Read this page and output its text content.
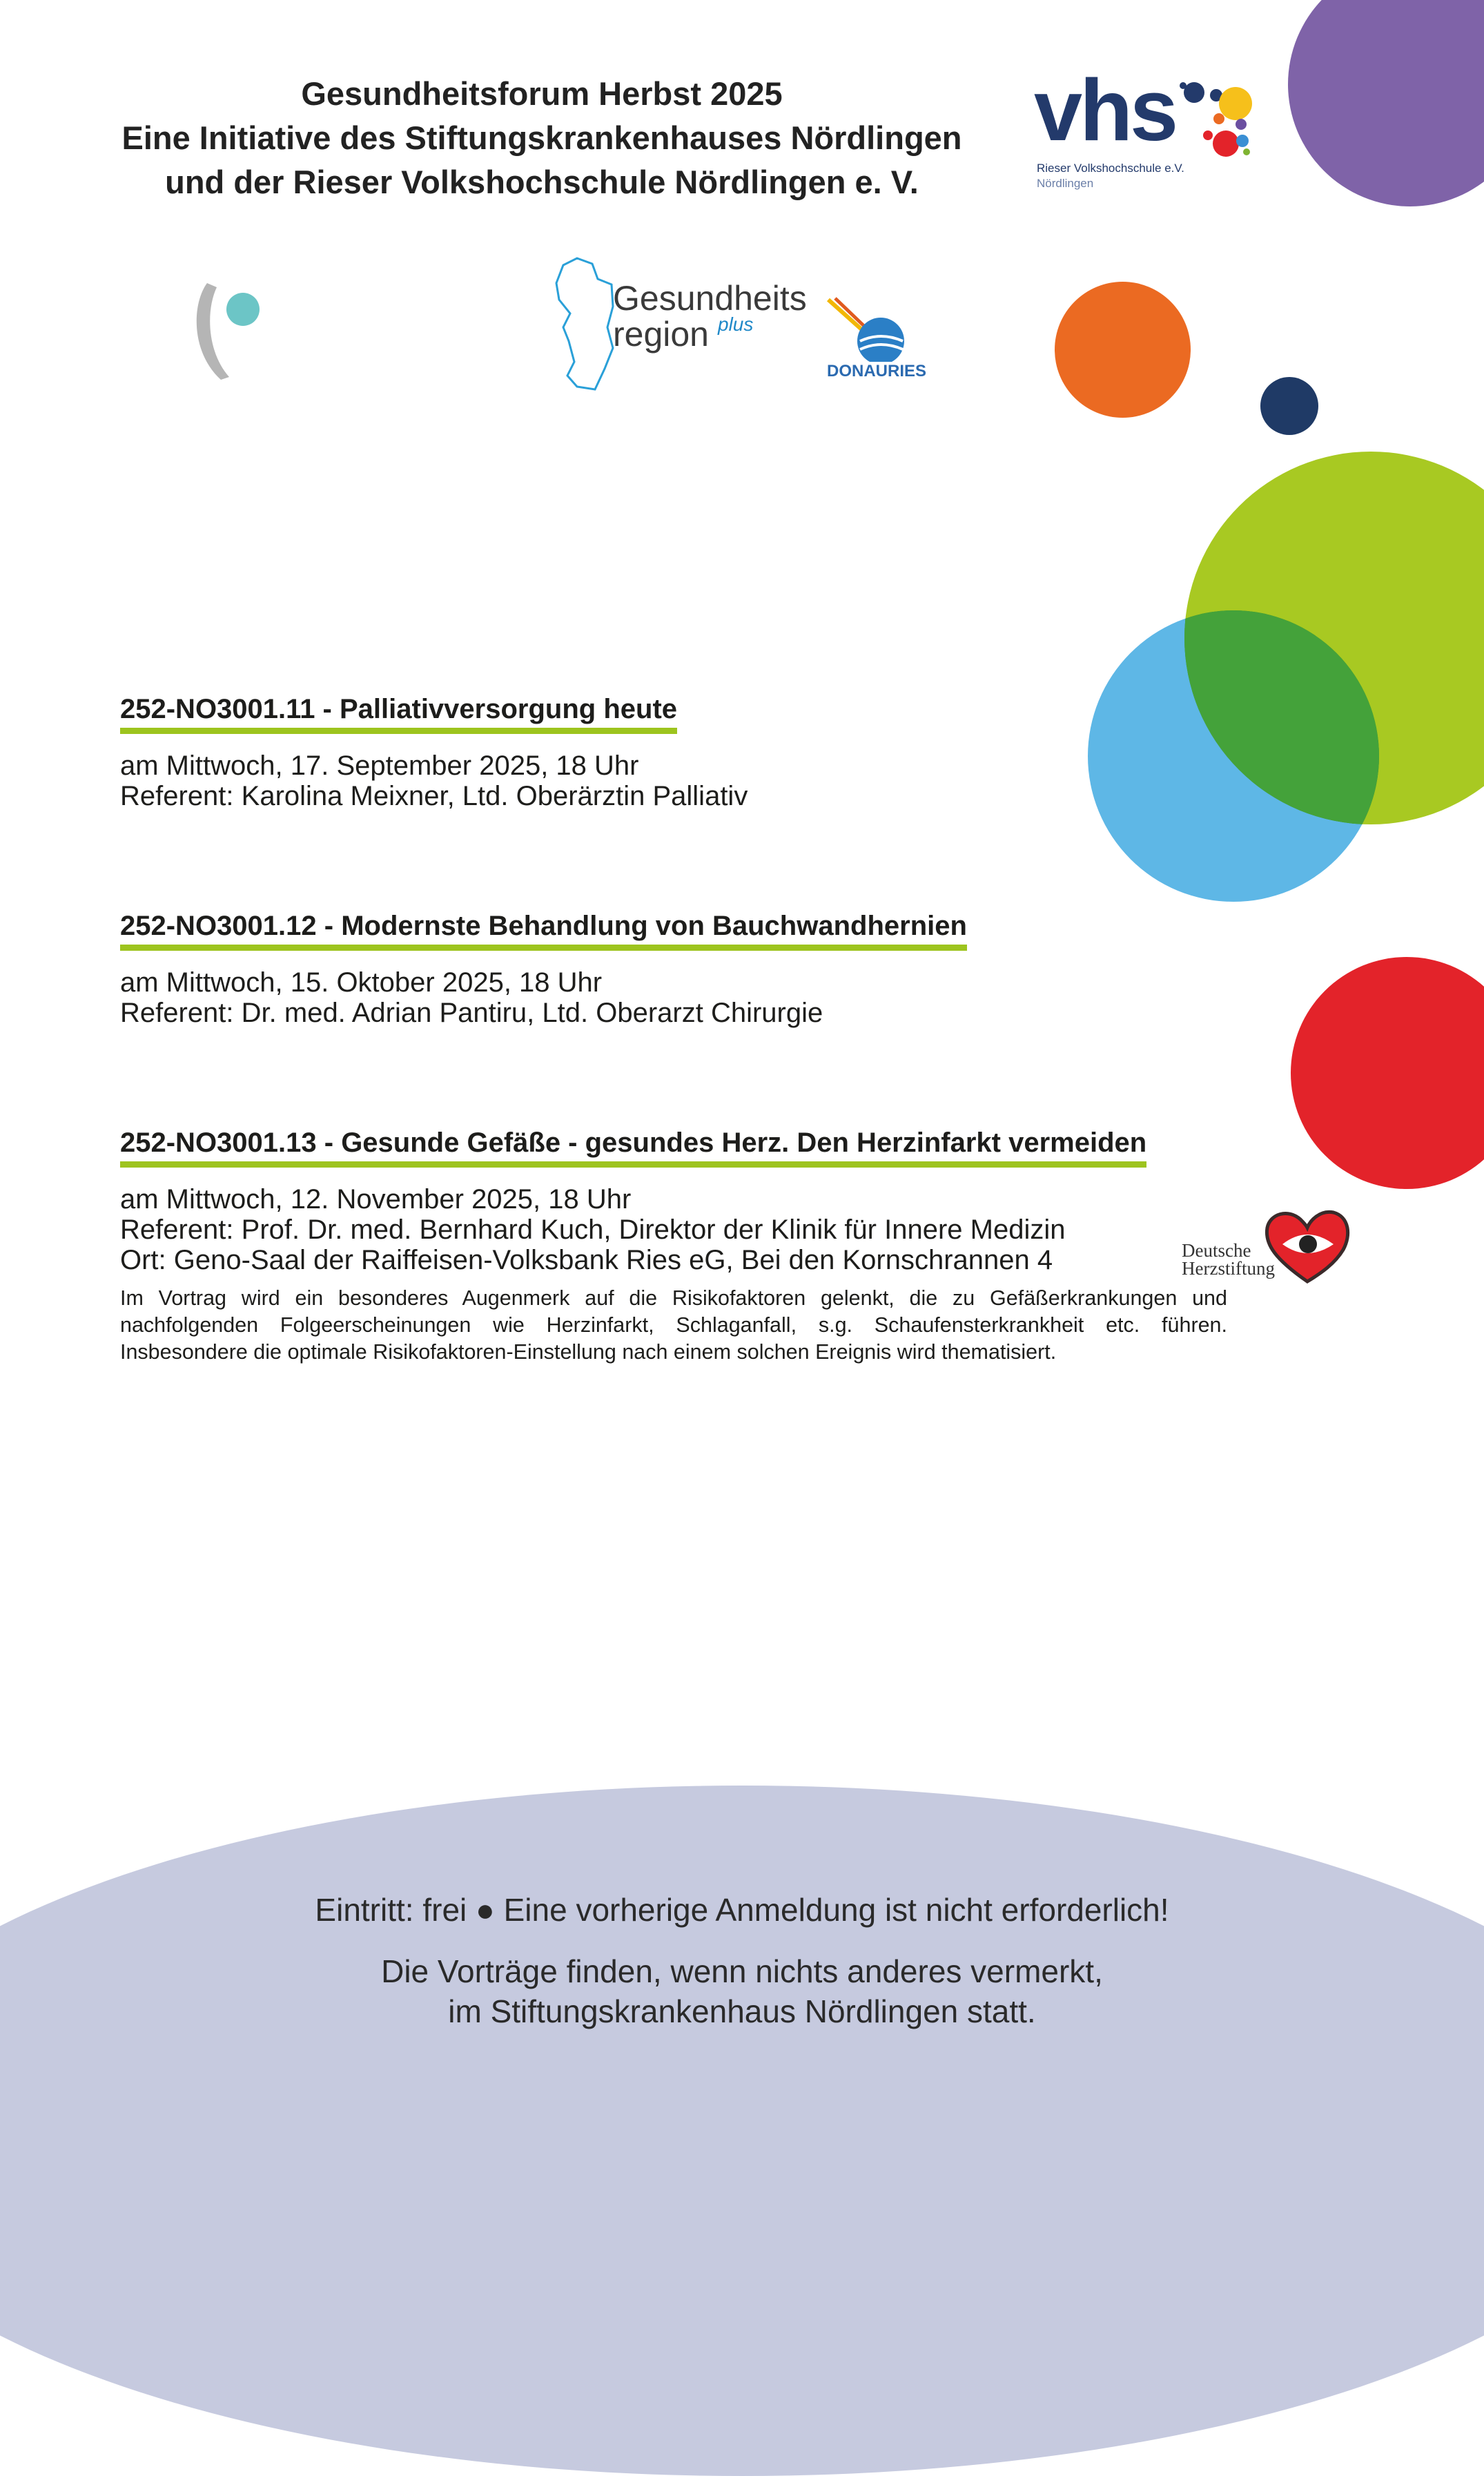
Gesundheitsforum Herbst 2025
Eine Initiative des Stiftungskrankenhauses Nördlingen
und der Rieser Volkshochschule Nördlingen e. V.
vhs
Rieser Volkshochschule e.V.
Nördlingen
Gesundheits
region plus
DONAURIES
252-NO3001.11 - Palliativversorgung heute
am Mittwoch, 17. September 2025, 18 Uhr
Referent: Karolina Meixner, Ltd. Oberärztin Palliativ
252-NO3001.12 - Modernste Behandlung von Bauchwandhernien
am Mittwoch, 15. Oktober 2025, 18 Uhr
Referent: Dr. med. Adrian Pantiru, Ltd. Oberarzt Chirurgie
252-NO3001.13 - Gesunde Gefäße - gesundes Herz. Den Herzinfarkt vermeiden
am Mittwoch, 12. November 2025, 18 Uhr
Referent: Prof. Dr. med. Bernhard Kuch, Direktor der Klinik für Innere Medizin
Ort: Geno-Saal der Raiffeisen-Volksbank Ries eG, Bei den Kornschrannen 4
Im Vortrag wird ein besonderes Augenmerk auf die Risikofaktoren gelenkt, die zu Gefäßerkrankungen und nachfolgenden Folgeerscheinungen wie Herzinfarkt, Schlaganfall, s.g. Schaufensterkrankheit etc. führen. Insbesondere die optimale Risikofaktoren-Einstellung nach einem solchen Ereignis wird thematisiert.
Deutsche
Herzstiftung
Eintritt: frei ● Eine vorherige Anmeldung ist nicht erforderlich!
Die Vorträge finden, wenn nichts anderes vermerkt,
im Stiftungskrankenhaus Nördlingen statt.
